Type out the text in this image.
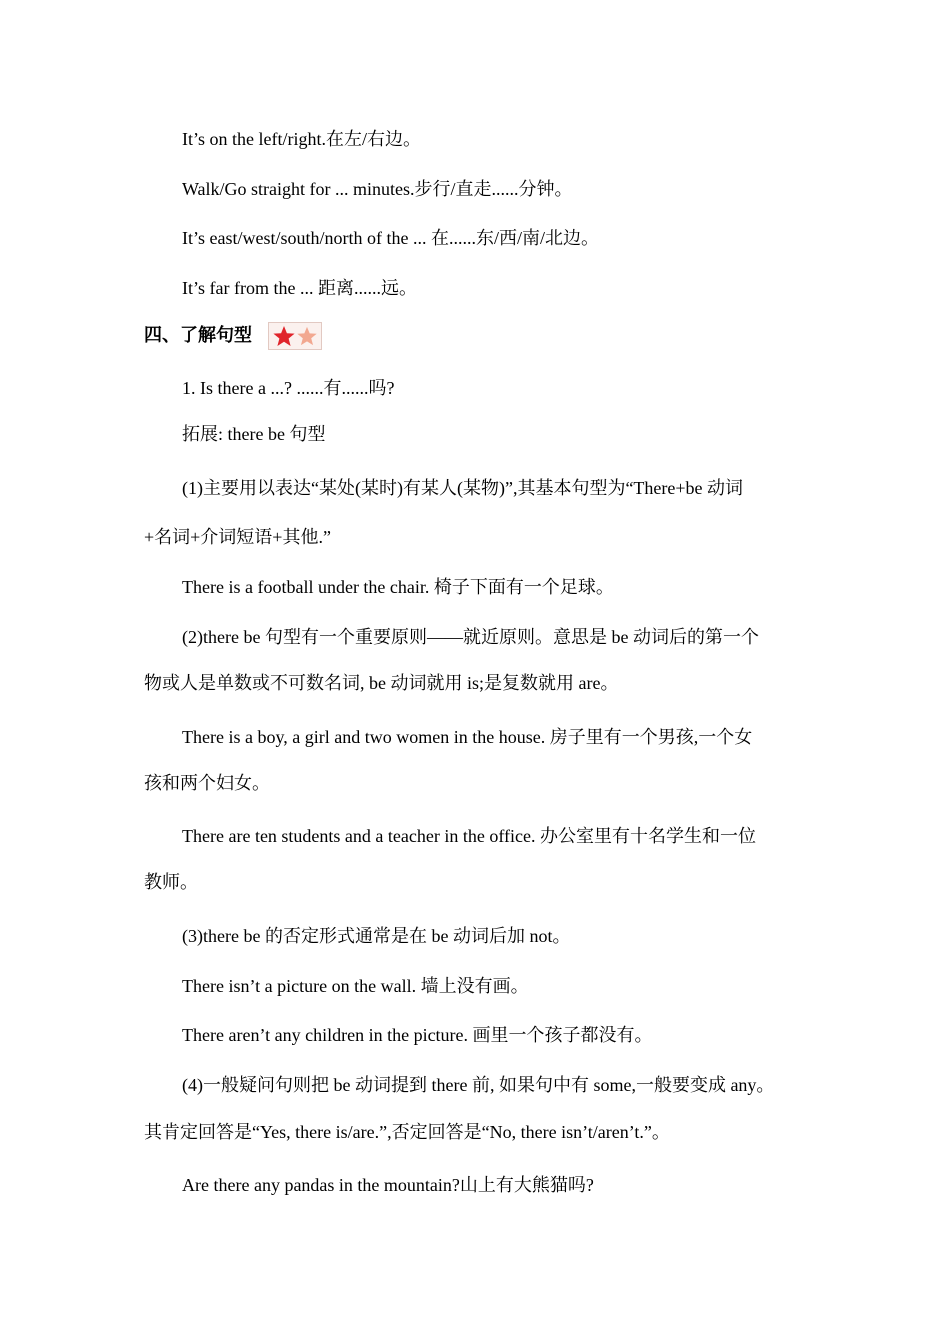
It’s on the left/right.在左/右边。
Walk/Go straight for ... minutes.步行/直走......分钟。
It’s east/west/south/north of the ... 在......东/西/南/北边。
It’s far from the ... 距离......远。
四、了解句型
1. Is there a ...? ......有......吗?
拓展: there be 句型
(1)主要用以表达“某处(某时)有某人(某物)”,其基本句型为“There+be 动词
+名词+介词短语+其他.”
There is a football under the chair. 椅子下面有一个足球。
(2)there be 句型有一个重要原则——就近原则。意思是 be 动词后的第一个
物或人是单数或不可数名词, be 动词就用 is;是复数就用 are。
There is a boy, a girl and two women in the house. 房子里有一个男孩,一个女
孩和两个妇女。
There are ten students and a teacher in the office. 办公室里有十名学生和一位
教师。
(3)there be 的否定形式通常是在 be 动词后加 not。
There isn’t a picture on the wall. 墙上没有画。
There aren’t any children in the picture. 画里一个孩子都没有。
(4)一般疑问句则把 be 动词提到 there 前, 如果句中有 some,一般要变成 any。
其肯定回答是“Yes, there is/are.”,否定回答是“No, there isn’t/aren’t.”。
Are there any pandas in the mountain?山上有大熊猫吗?
